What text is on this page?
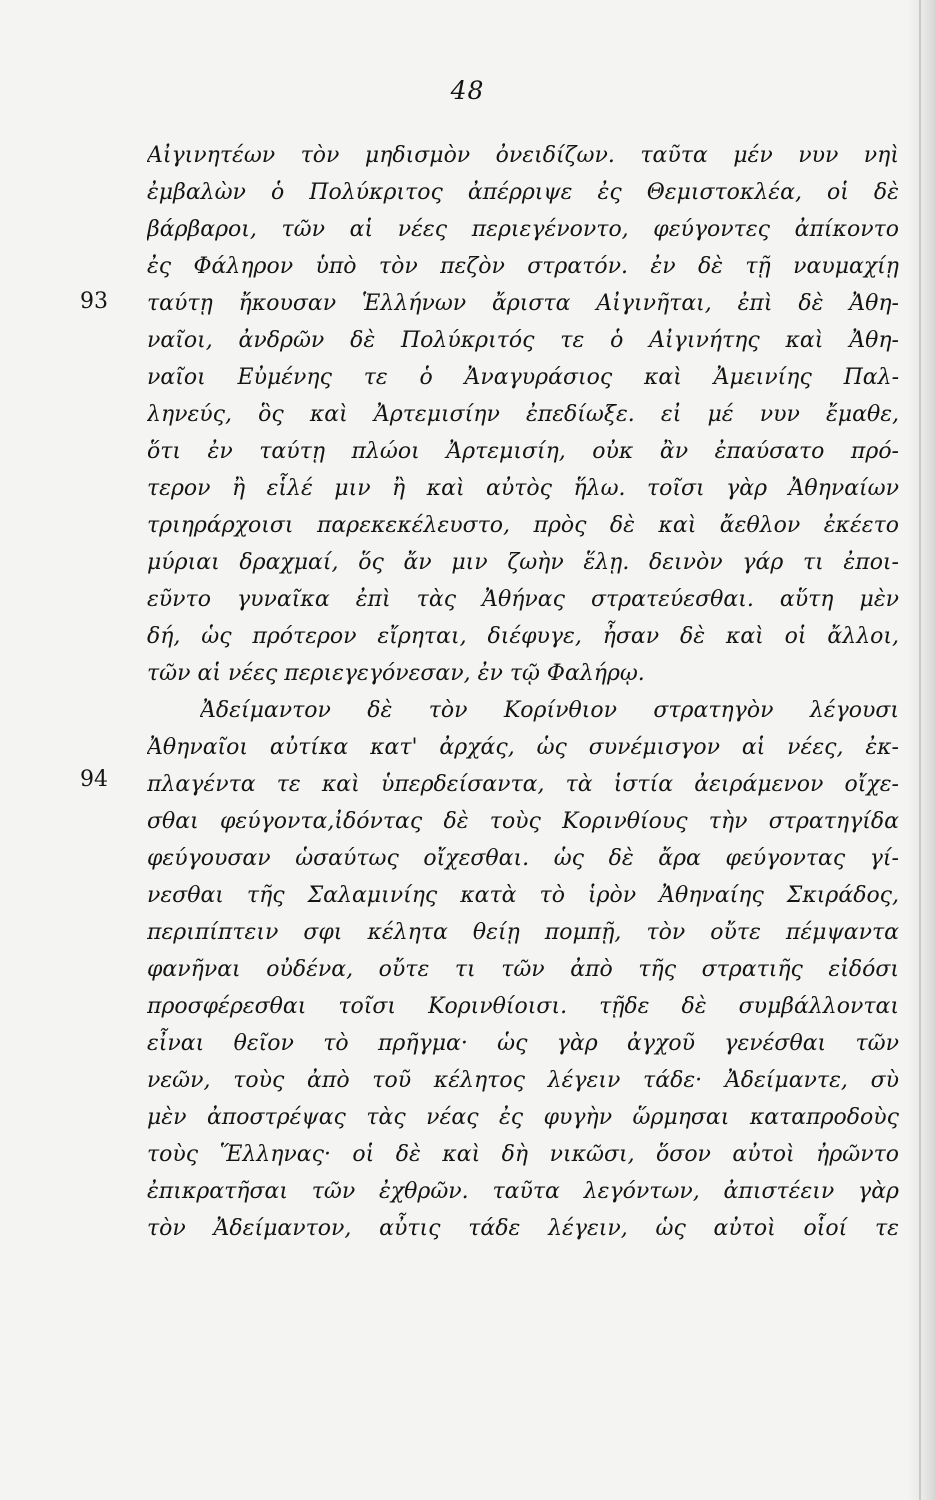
48
93
94
Αἰγινητέων τὸν μηδισμὸν ὀνειδίζων. ταῦτα μέν νυν νηὶ
ἐμβαλὼν ὁ Πολύκριτος ἀπέρριψε ἐς Θεμιστοκλέα, οἱ δὲ
βάρβαροι, τῶν αἱ νέες περιεγένοντο, φεύγοντες ἀπίκοντο
ἐς Φάληρον ὑπὸ τὸν πεζὸν στρατόν. ἐν δὲ τῇ ναυμαχίῃ
ταύτῃ ἤκουσαν Ἑλλήνων ἄριστα Αἰγινῆται, ἐπὶ δὲ Ἀθη-
ναῖοι, ἀνδρῶν δὲ Πολύκριτός τε ὁ Αἰγινήτης καὶ Ἀθη-
ναῖοι Εὐμένης τε ὁ Ἀναγυράσιος καὶ Ἀμεινίης Παλ-
ληνεύς, ὃς καὶ Ἀρτεμισίην ἐπεδίωξε. εἰ μέ νυν ἔμαθε,
ὅτι ἐν ταύτῃ πλώοι Ἀρτεμισίη, οὐκ ἂν ἐπαύσατο πρό-
τερον ἢ εἷλέ μιν ἢ καὶ αὐτὸς ἥλω. τοῖσι γὰρ Ἀθηναίων
τριηράρχοισι παρεκεκέλευστο, πρὸς δὲ καὶ ἄεθλον ἐκέετο
μύριαι δραχμαί, ὅς ἄν μιν ζωὴν ἕλῃ. δεινὸν γάρ τι ἐποι-
εῦντο γυναῖκα ἐπὶ τὰς Ἀθήνας στρατεύεσθαι. αὕτη μὲν
δή, ὡς πρότερον εἴρηται, διέφυγε, ἦσαν δὲ καὶ οἱ ἄλλοι,
τῶν αἱ νέες περιεγεγόνεσαν, ἐν τῷ Φαλήρῳ.
Ἀδείμαντον δὲ τὸν Κορίνθιον στρατηγὸν λέγουσι
Ἀθηναῖοι αὐτίκα κατ' ἀρχάς, ὡς συνέμισγον αἱ νέες, ἐκ-
πλαγέντα τε καὶ ὑπερδείσαντα, τὰ ἱστία ἀειράμενον οἴχε-
σθαι φεύγοντα,ἰδόντας δὲ τοὺς Κορινθίους τὴν στρατηγίδα
φεύγουσαν ὡσαύτως οἴχεσθαι. ὡς δὲ ἄρα φεύγοντας γί-
νεσθαι τῆς Σαλαμινίης κατὰ τὸ ἱρὸν Ἀθηναίης Σκιράδος,
περιπίπτειν σφι κέλητα θείῃ πομπῇ, τὸν οὔτε πέμψαντα
φανῆναι οὐδένα, οὔτε τι τῶν ἀπὸ τῆς στρατιῆς εἰδόσι
προσφέρεσθαι τοῖσι Κορινθίοισι. τῇδε δὲ συμβάλλονται
εἶναι θεῖον τὸ πρῆγμα· ὡς γὰρ ἀγχοῦ γενέσθαι τῶν
νεῶν, τοὺς ἀπὸ τοῦ κέλητος λέγειν τάδε· Ἀδείμαντε, σὺ
μὲν ἀποστρέψας τὰς νέας ἐς φυγὴν ὥρμησαι καταπροδοὺς
τοὺς Ἕλληνας· οἱ δὲ καὶ δὴ νικῶσι, ὅσον αὐτοὶ ἠρῶντο
ἐπικρατῆσαι τῶν ἐχθρῶν. ταῦτα λεγόντων, ἀπιστέειν γὰρ
τὸν Ἀδείμαντον, αὖτις τάδε λέγειν, ὡς αὐτοὶ οἷοί τε
